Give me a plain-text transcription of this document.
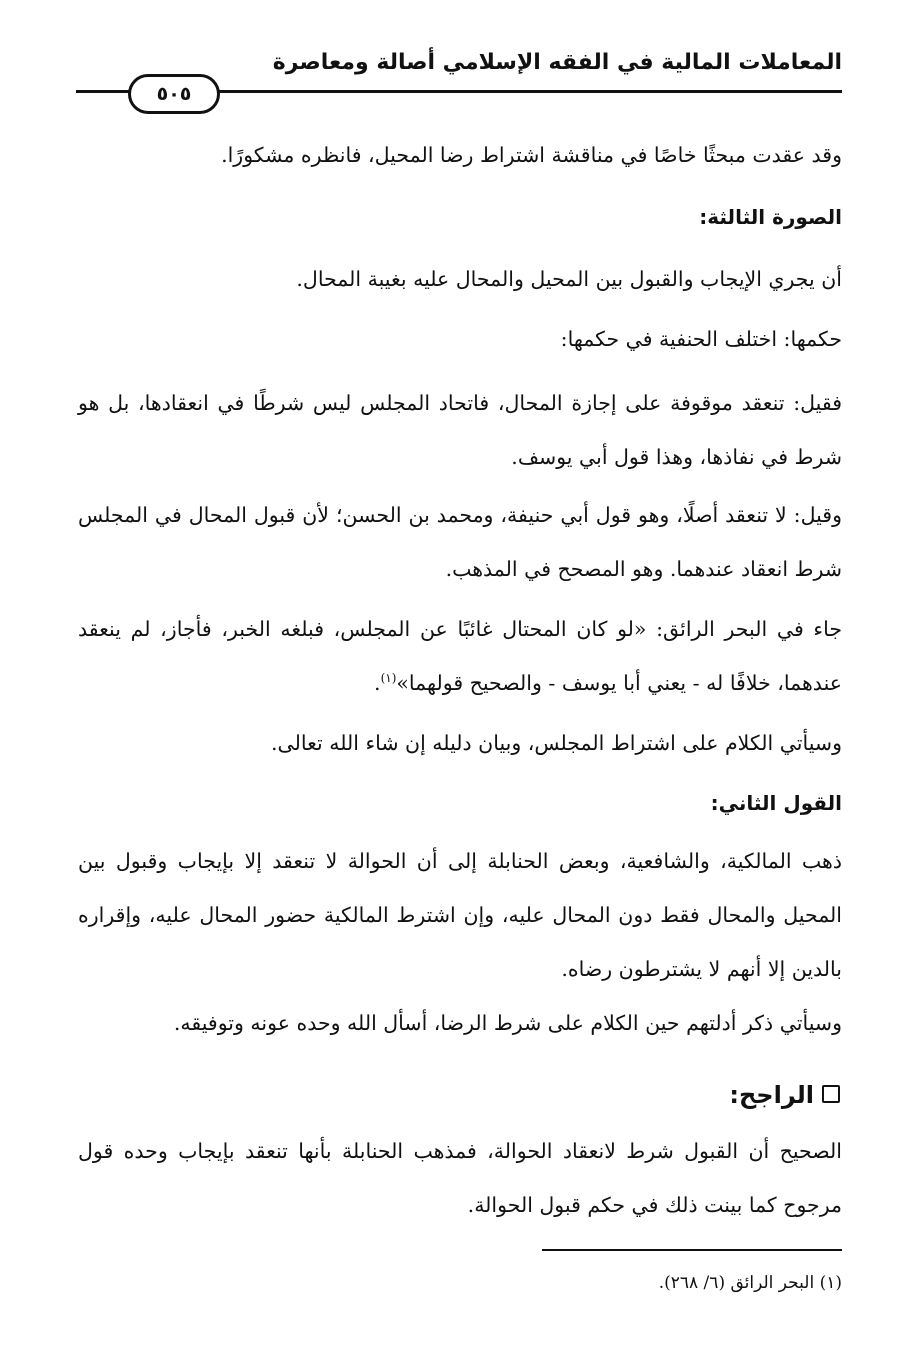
المعاملات المالية في الفقه الإسلامي أصالة ومعاصرة
٥٠٥
وقد عقدت مبحثًا خاصًا في مناقشة اشتراط رضا المحيل، فانظره مشكورًا.
الصورة الثالثة:
أن يجري الإيجاب والقبول بين المحيل والمحال عليه بغيبة المحال.
حكمها: اختلف الحنفية في حكمها:
فقيل: تنعقد موقوفة على إجازة المحال، فاتحاد المجلس ليس شرطًا في انعقادها، بل هو شرط في نفاذها، وهذا قول أبي يوسف.
وقيل: لا تنعقد أصلًا، وهو قول أبي حنيفة، ومحمد بن الحسن؛ لأن قبول المحال في المجلس شرط انعقاد عندهما. وهو المصحح في المذهب.
جاء في البحر الرائق: «لو كان المحتال غائبًا عن المجلس، فبلغه الخبر، فأجاز، لم ينعقد عندهما، خلافًا له - يعني أبا يوسف - والصحيح قولهما»$^{(١)}$.
وسيأتي الكلام على اشتراط المجلس، وبيان دليله إن شاء الله تعالى.
القول الثاني:
ذهب المالكية، والشافعية، وبعض الحنابلة إلى أن الحوالة لا تنعقد إلا بإيجاب وقبول بين المحيل والمحال فقط دون المحال عليه، وإن اشترط المالكية حضور المحال عليه، وإقراره بالدين إلا أنهم لا يشترطون رضاه.
وسيأتي ذكر أدلتهم حين الكلام على شرط الرضا، أسأل الله وحده عونه وتوفيقه.
الراجح:
الصحيح أن القبول شرط لانعقاد الحوالة، فمذهب الحنابلة بأنها تنعقد بإيجاب وحده قول مرجوح كما بينت ذلك في حكم قبول الحوالة.
(١) البحر الرائق (٦/ ٢٦٨).
